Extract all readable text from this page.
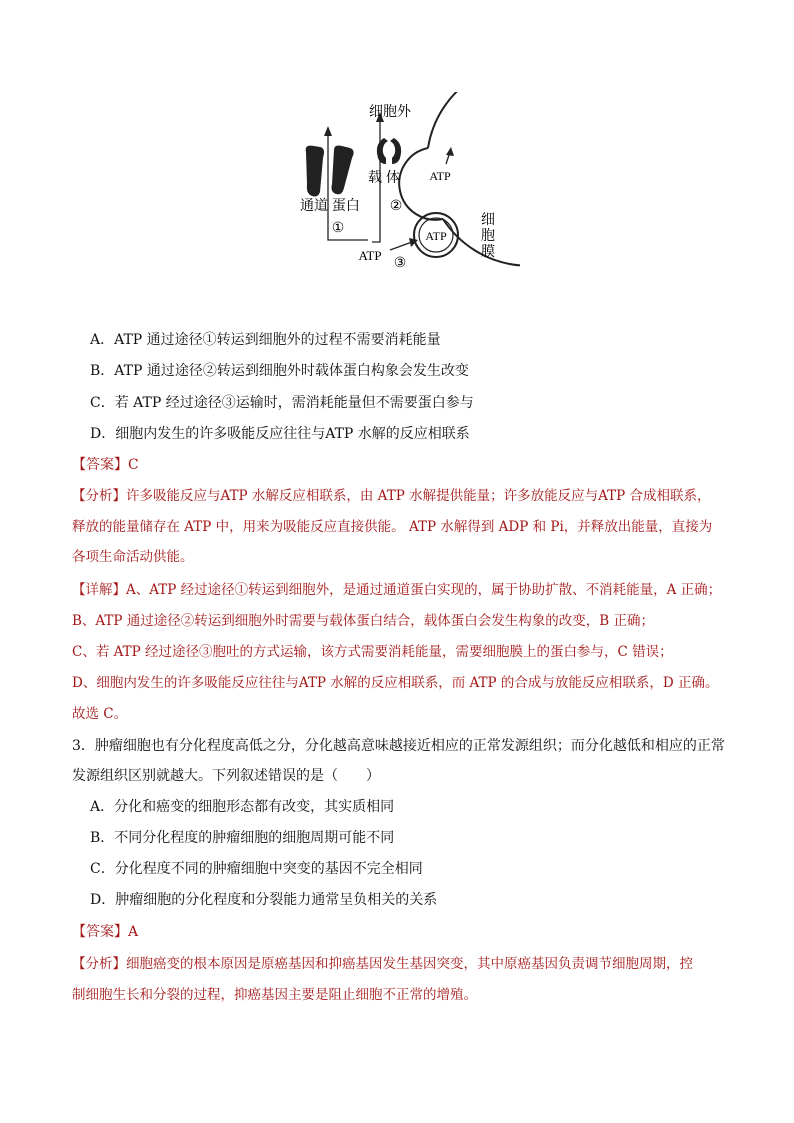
细胞外
载 体
通道 蛋白
ATP
ATP
ATP
①
②
③
细
胞
膜
A．ATP 通过途径①转运到细胞外的过程不需要消耗能量
B．ATP 通过途径②转运到细胞外时载体蛋白构象会发生改变
C．若 ATP 经过途径③运输时，需消耗能量但不需要蛋白参与
D．细胞内发生的许多吸能反应往往与ATP 水解的反应相联系
【答案】C
【分析】许多吸能反应与ATP 水解反应相联系，由 ATP 水解提供能量；许多放能反应与ATP 合成相联系，
释放的能量储存在 ATP 中，用来为吸能反应直接供能。 ATP 水解得到 ADP 和 Pi，并释放出能量，直接为
各项生命活动供能。
【详解】A、ATP 经过途径①转运到细胞外，是通过通道蛋白实现的，属于协助扩散、不消耗能量，A 正确；
B、ATP 通过途径②转运到细胞外时需要与载体蛋白结合，载体蛋白会发生构象的改变，B 正确；
C、若 ATP 经过途径③胞吐的方式运输，该方式需要消耗能量，需要细胞膜上的蛋白参与，C 错误；
D、细胞内发生的许多吸能反应往往与ATP 水解的反应相联系，而 ATP 的合成与放能反应相联系，D 正确。
故选 C。
3．肿瘤细胞也有分化程度高低之分，分化越高意味越接近相应的正常发源组织；而分化越低和相应的正常
发源组织区别就越大。下列叙述错误的是（　　）
A．分化和癌变的细胞形态都有改变，其实质相同
B．不同分化程度的肿瘤细胞的细胞周期可能不同
C．分化程度不同的肿瘤细胞中突变的基因不完全相同
D．肿瘤细胞的分化程度和分裂能力通常呈负相关的关系
【答案】A
【分析】细胞癌变的根本原因是原癌基因和抑癌基因发生基因突变，其中原癌基因负责调节细胞周期，控
制细胞生长和分裂的过程，抑癌基因主要是阻止细胞不正常的增殖。
